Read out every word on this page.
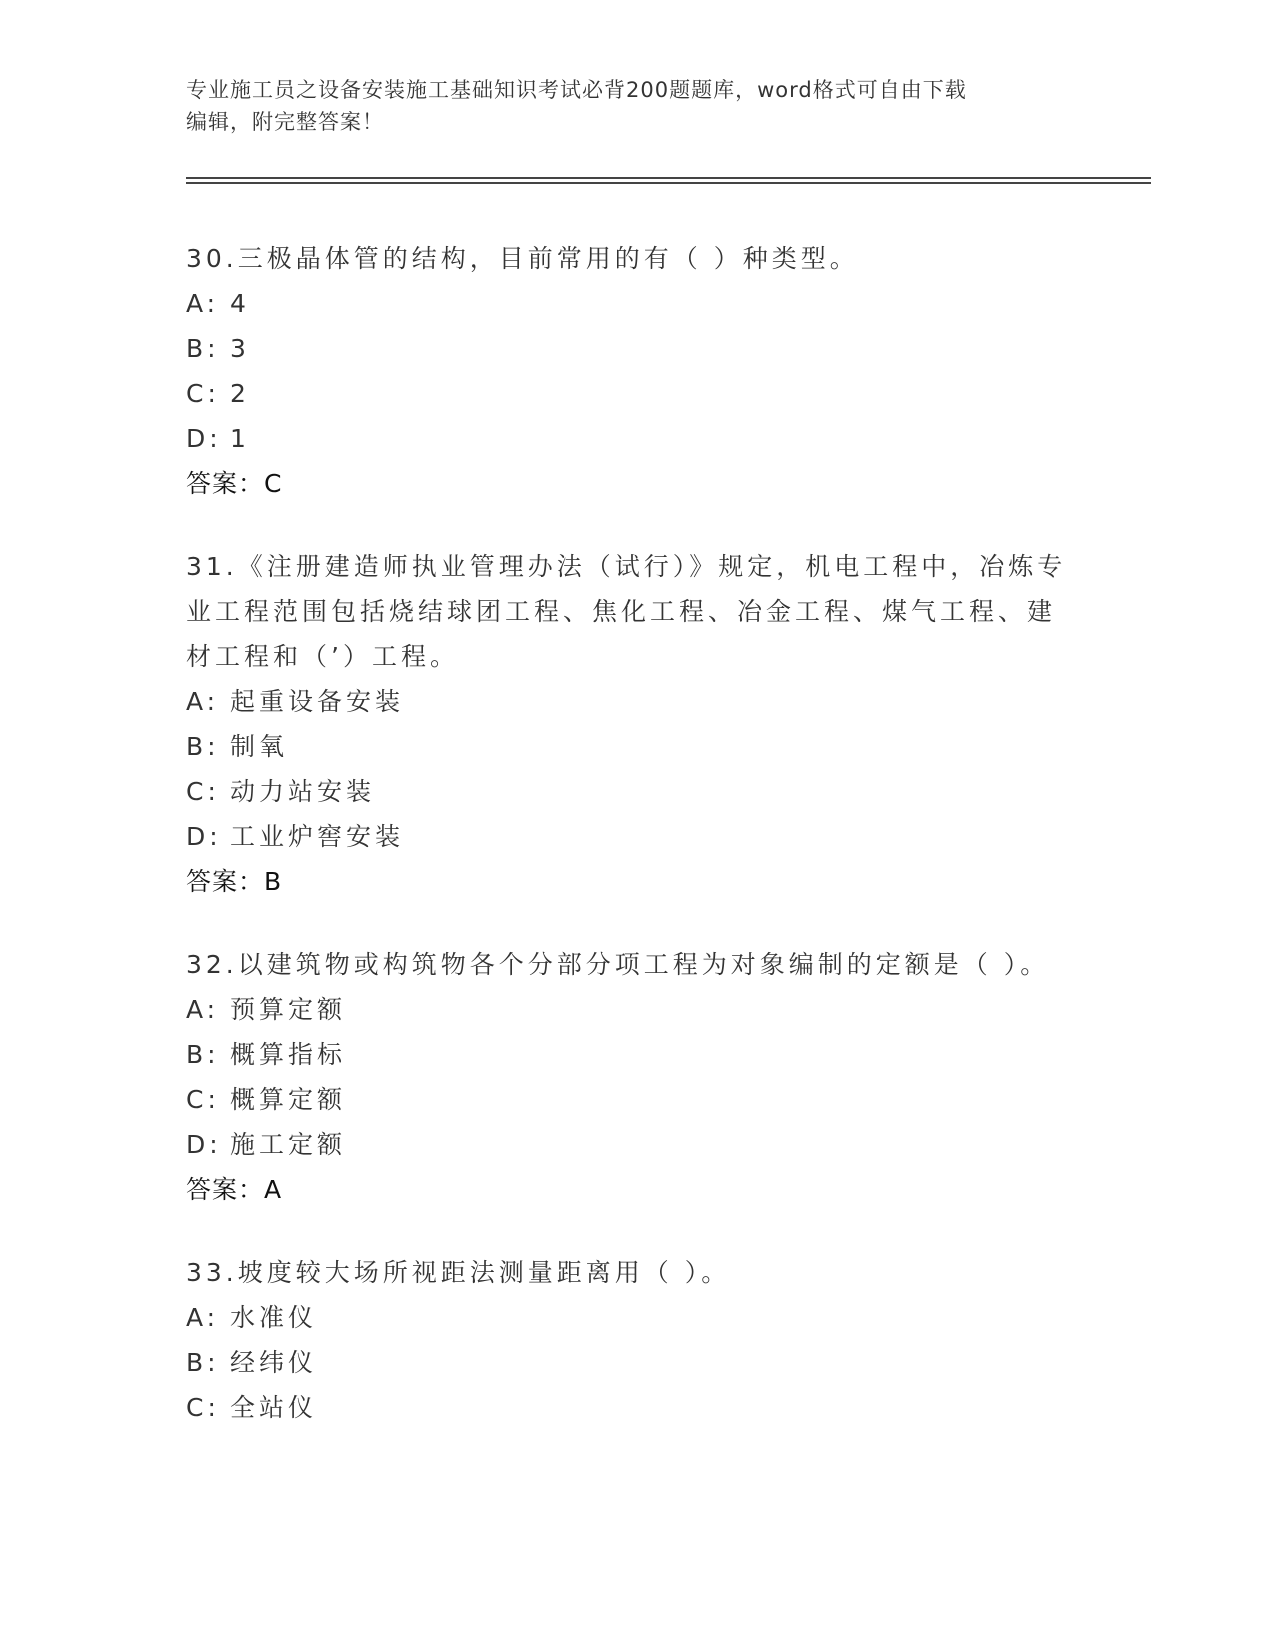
专业施工员之设备安装施工基础知识考试必背200题题库，word格式可自由下载
编辑，附完整答案！
30.三极晶体管的结构，目前常用的有（ ）种类型。
A: 4
B: 3
C: 2
D: 1
答案：C
31.《注册建造师执业管理办法（试行）》规定，机电工程中，冶炼专
业工程范围包括烧结球团工程、焦化工程、冶金工程、煤气工程、建
材工程和（’）工程。
A: 起重设备安装
B: 制氧
C: 动力站安装
D: 工业炉窖安装
答案：B
32.以建筑物或构筑物各个分部分项工程为对象编制的定额是（ ）。
A: 预算定额
B: 概算指标
C: 概算定额
D: 施工定额
答案：A
33.坡度较大场所视距法测量距离用（ ）。
A: 水准仪
B: 经纬仪
C: 全站仪
